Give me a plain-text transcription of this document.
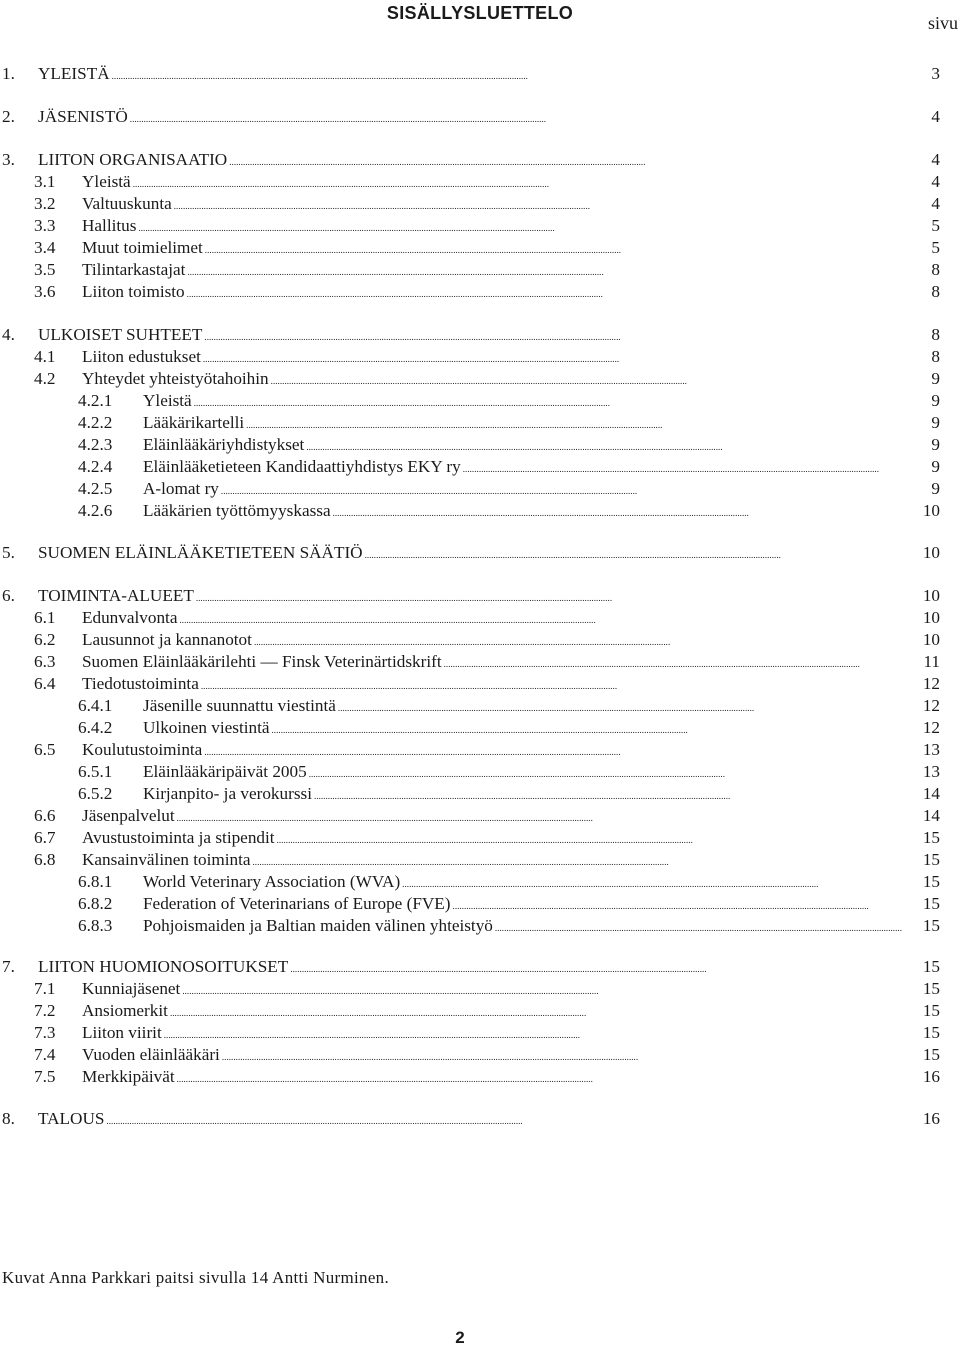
SISÄLLYSLUETTELO	sivu
1.	YLEISTÄ . . .	3
2.	JÄSENISTÖ . . .	4
3.	LIITON ORGANISAATIO . . .	4
3.1	Yleistä . . .	4
3.2	Valtuuskunta . . .	4
3.3	Hallitus . . .	5
3.4	Muut toimielimet . . .	5
3.5	Tilintarkastajat . . .	8
3.6	Liiton toimisto . . .	8
4.	ULKOISET SUHTEET . . .	8
4.1	Liiton edustukset . . .	8
4.2	Yhteydet yhteistyötahoihin . . .	9
4.2.1	Yleistä . . .	9
4.2.2	Lääkärikartelli . . .	9
4.2.3	Eläinlääkäriyhdistykset . . .	9
4.2.4	Eläinlääketieteen Kandidaattiyhdistys EKY ry . . .	9
4.2.5	A-lomat ry . . .	9
4.2.6	Lääkärien työttömyyskassa . . .	10
5.	SUOMEN ELÄINLÄÄKETIETEEN SÄÄTIÖ . . .	10
6.	TOIMINTA-ALUEET . . .	10
6.1	Edunvalvonta . . .	10
6.2	Lausunnot ja kannanotot . . .	10
6.3	Suomen Eläinlääkärilehti — Finsk Veterinärtidskrift . . .	11
6.4	Tiedotustoiminta . . .	12
6.4.1	Jäsenille suunnattu viestintä . . .	12
6.4.2	Ulkoinen viestintä . . .	12
6.5	Koulutustoiminta . . .	13
6.5.1	Eläinlääkäripäivät 2005 . . .	13
6.5.2	Kirjanpito- ja verokurssi . . .	14
6.6	Jäsenpalvelut . . .	14
6.7	Avustustoiminta ja stipendit . . .	15
6.8	Kansainvälinen toiminta . . .	15
6.8.1	World Veterinary Association (WVA) . . .	15
6.8.2	Federation of Veterinarians of Europe (FVE) . . .	15
6.8.3	Pohjoismaiden ja Baltian maiden välinen yhteistyö . . .	15
7.	LIITON HUOMIONOSOITUKSET . . .	15
7.1	Kunniajäsenet . . .	15
7.2	Ansiomerkit . . .	15
7.3	Liiton viirit . . .	15
7.4	Vuoden eläinlääkäri . . .	15
7.5	Merkkipäivät . . .	16
8.	TALOUS . . .	16
Kuvat Anna Parkkari paitsi sivulla 14 Antti Nurminen.
2
